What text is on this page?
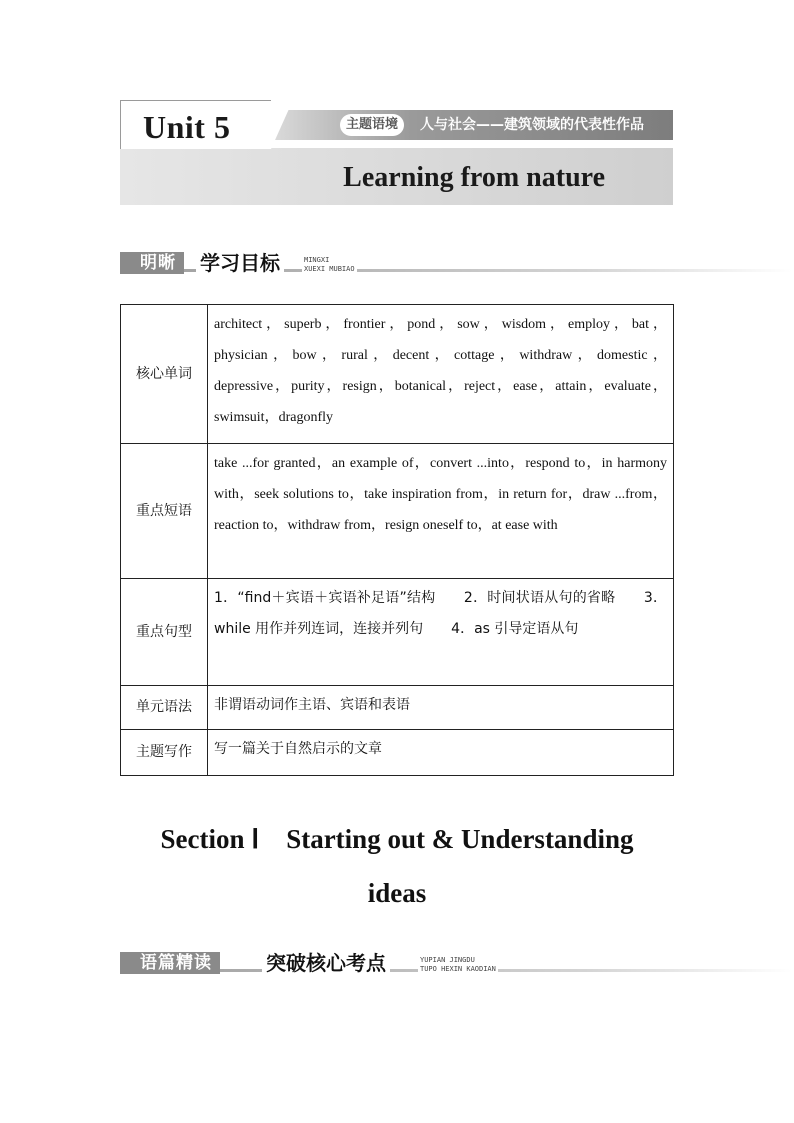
Unit 5	主题语境	人与社会——建筑领域的代表性作品
Learning from nature
明晰	学习目标	MINGXI
XUEXI MUBIAO
核心单词	architect，superb，frontier，pond，sow，wisdom，employ，bat，physician，bow，rural，decent，cottage，withdraw，domestic，depressive，purity，resign，botanical，reject，ease，attain，evaluate，swimsuit，dragonfly
重点短语	take ...for granted，an example of，convert ...into，respond to，in harmony with，seek solutions to，take inspiration from，in return for，draw ...from，reaction to，withdraw from，resign oneself to，at ease with
重点句型	1．“find＋宾语＋宾语补足语”结构　　2．时间状语从句的省略　　3．while 用作并列连词，连接并列句　　4．as 引导定语从句
单元语法	非谓语动词作主语、宾语和表语
主题写作	写一篇关于自然启示的文章
Section Ⅰ　Starting out & Understanding
ideas
语篇精读	突破核心考点	YUPIAN JINGDU
TUPO HEXIN KAODIAN
